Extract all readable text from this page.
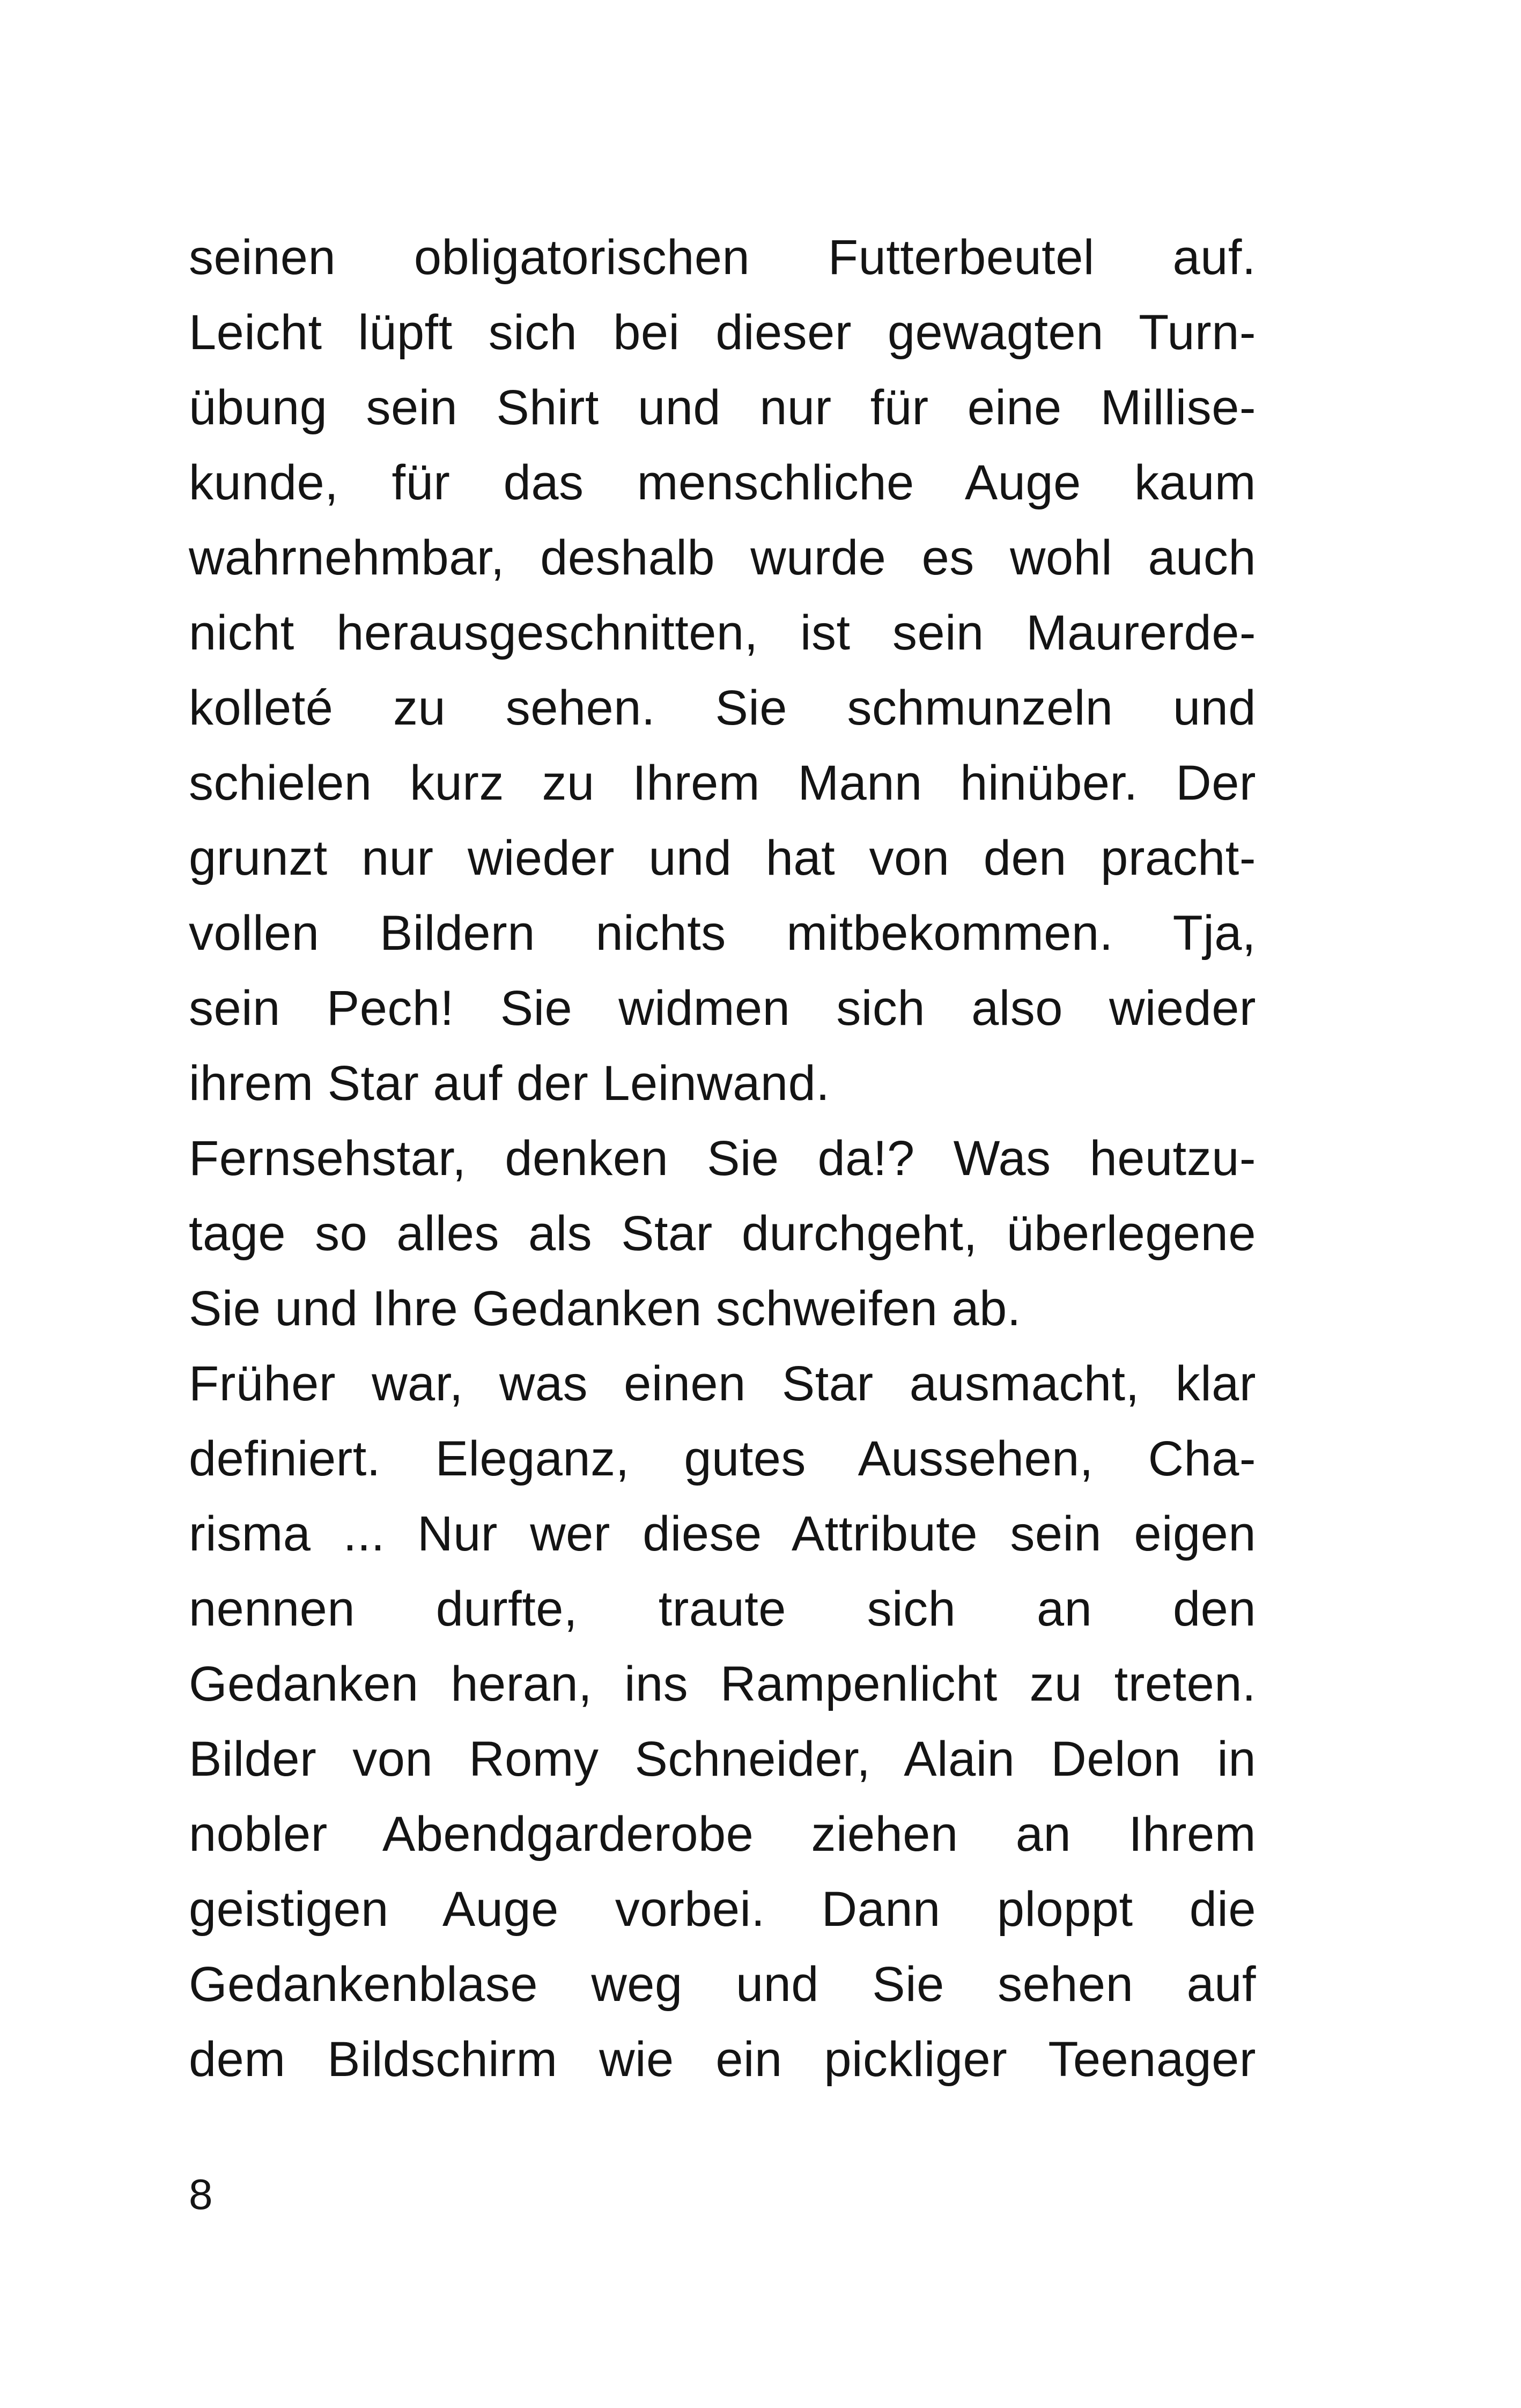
seinen obligatorischen Futterbeutel auf.
Leicht lüpft sich bei dieser gewagten Turn-
übung sein Shirt und nur für eine Millise-
kunde, für das menschliche Auge kaum
wahrnehmbar, deshalb wurde es wohl auch
nicht herausgeschnitten, ist sein Maurerde-
kolleté zu sehen. Sie schmunzeln und
schielen kurz zu Ihrem Mann hinüber. Der
grunzt nur wieder und hat von den pracht-
vollen Bildern nichts mitbekommen. Tja,
sein Pech! Sie widmen sich also wieder
ihrem Star auf der Leinwand.
Fernsehstar, denken Sie da!? Was heutzu-
tage so alles als Star durchgeht, überlegene
Sie und Ihre Gedanken schweifen ab.
Früher war, was einen Star ausmacht, klar
definiert. Eleganz, gutes Aussehen, Cha-
risma ... Nur wer diese Attribute sein eigen
nennen durfte, traute sich an den
Gedanken heran, ins Rampenlicht zu treten.
Bilder von Romy Schneider, Alain Delon in
nobler Abendgarderobe ziehen an Ihrem
geistigen Auge vorbei. Dann ploppt die
Gedankenblase weg und Sie sehen auf
dem Bildschirm wie ein pickliger Teenager
8
